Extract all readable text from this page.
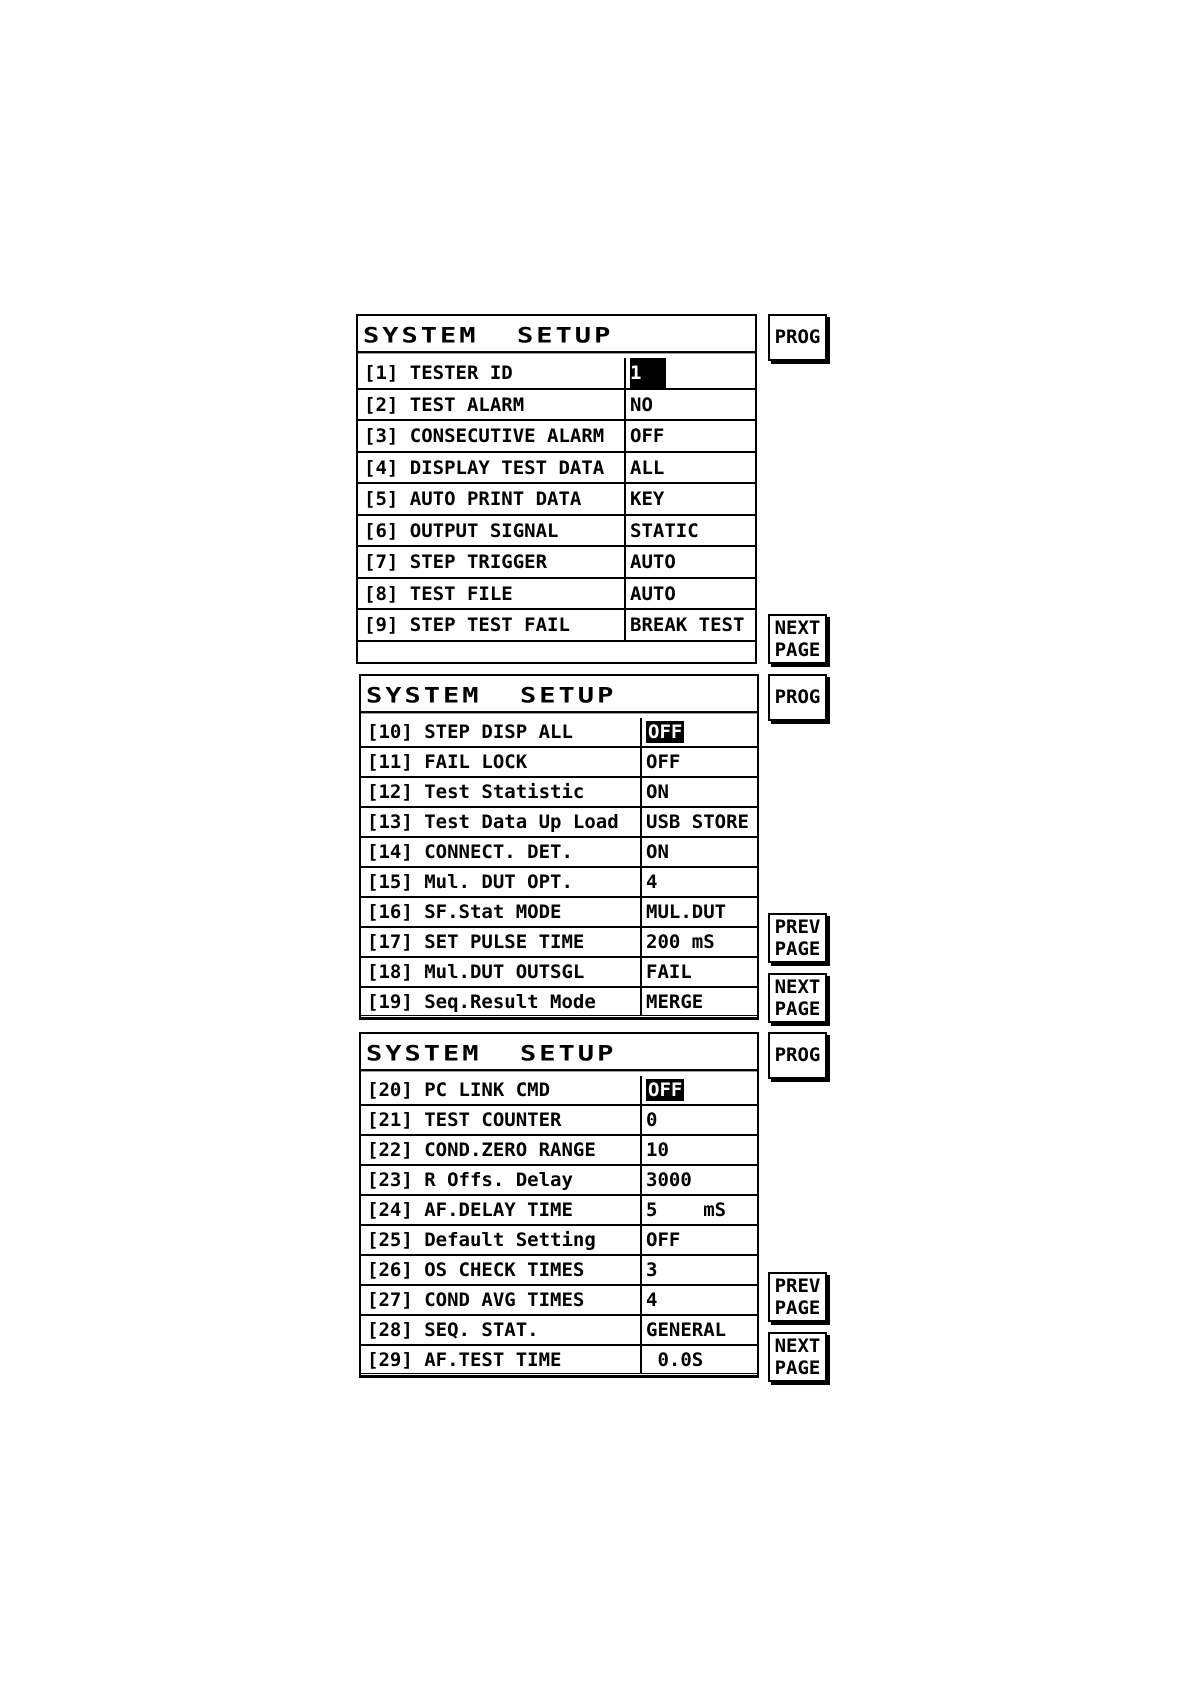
SYSTEM  SETUP
[1] TESTER ID	1
[2] TEST ALARM	NO
[3] CONSECUTIVE ALARM	OFF
[4] DISPLAY TEST DATA	ALL
[5] AUTO PRINT DATA	KEY
[6] OUTPUT SIGNAL	STATIC
[7] STEP TRIGGER	AUTO
[8] TEST FILE	AUTO
[9] STEP TEST FAIL	BREAK TEST
PROG
NEXT
PAGE
SYSTEM  SETUP
[10] STEP DISP ALL	OFF
[11] FAIL LOCK	OFF
[12] Test Statistic	ON
[13] Test Data Up Load	USB STORE
[14] CONNECT. DET.	ON
[15] Mul. DUT OPT.	4
[16] SF.Stat MODE	MUL.DUT
[17] SET PULSE TIME	200 mS
[18] Mul.DUT OUTSGL	FAIL
[19] Seq.Result Mode	MERGE
PROG
PREV
PAGE
NEXT
PAGE
SYSTEM  SETUP
[20] PC LINK CMD	OFF
[21] TEST COUNTER	0
[22] COND.ZERO RANGE	10
[23] R Offs. Delay	3000
[24] AF.DELAY TIME	5    mS
[25] Default Setting	OFF
[26] OS CHECK TIMES	3
[27] COND AVG TIMES	4
[28] SEQ. STAT.	GENERAL
[29] AF.TEST TIME	0.0S
PROG
PREV
PAGE
NEXT
PAGE
